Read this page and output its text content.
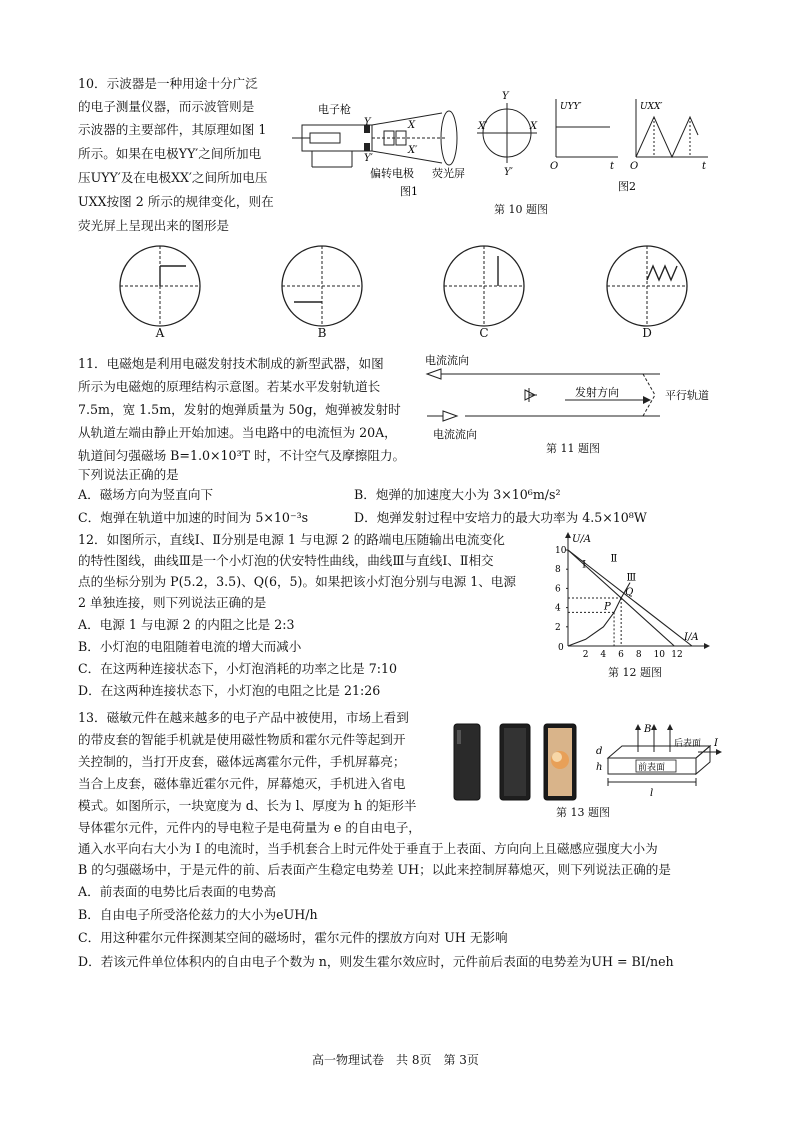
10．示波器是一种用途十分广泛
的电子测量仪器，而示波管则是
示波器的主要部件，其原理如图 1
所示。如果在电极YY′之间所加电
压UYY′及在电极XX′之间所加电压
UXX按图 2 所示的规律变化，则在
荧光屏上呈现出来的图形是
电子枪
Y
Y′
X
X′
偏转电极 荧光屏
图1
Y
Y′
X
X′
UYY′
O	t
UXX′
O	t
图2
第 10 题图
A	B	C	D
11．电磁炮是利用电磁发射技术制成的新型武器，如图
所示为电磁炮的原理结构示意图。若某水平发射轨道长
7.5m，宽 1.5m，发射的炮弹质量为 50g，炮弹被发射时
从轨道左端由静止开始加速。当电路中的电流恒为 20A，
轨道间匀强磁场 B=1.0×10³T 时，不计空气及摩擦阻力。
下列说法正确的是
电流流向
电流流向
发射方向	平行轨道
第 11 题图
A．磁场方向为竖直向下	B．炮弹的加速度大小为 3×10⁶m/s²
C．炮弹在轨道中加速的时间为 5×10⁻³s	D．炮弹发射过程中安培力的最大功率为 4.5×10⁸W
12．如图所示，直线Ⅰ、Ⅱ分别是电源 1 与电源 2 的路端电压随输出电流变化
的特性图线，曲线Ⅲ是一个小灯泡的伏安特性曲线，曲线Ⅲ与直线Ⅰ、Ⅱ相交
点的坐标分别为 P(5.2，3.5)、Q(6，5)。如果把该小灯泡分别与电源 1、电源
2 单独连接，则下列说法正确的是
A．电源 1 与电源 2 的内阻之比是 2:3
B．小灯泡的电阻随着电流的增大而减小
C．在这两种连接状态下，小灯泡消耗的功率之比是 7:10
D．在这两种连接状态下，小灯泡的电阻之比是 21:26
I/A
U/A
0
2 4 6 8 10 12
2
4
6
8
10
Ⅰ
Ⅱ
Ⅲ
P
Q
第 12 题图
13．磁敏元件在越来越多的电子产品中被使用，市场上看到
的带皮套的智能手机就是使用磁性物质和霍尔元件等起到开
关控制的，当打开皮套，磁体远离霍尔元件，手机屏幕亮；
当合上皮套，磁体靠近霍尔元件，屏幕熄灭，手机进入省电
模式。如图所示，一块宽度为 d、长为 l、厚度为 h 的矩形半
导体霍尔元件，元件内的导电粒子是电荷量为 e 的自由电子，
通入水平向右大小为 I 的电流时，当手机套合上时元件处于垂直于上表面、方向向上且磁感应强度大小为
B 的匀强磁场中，于是元件的前、后表面产生稳定电势差 UH；以此来控制屏幕熄灭，则下列说法正确的是
A．前表面的电势比后表面的电势高
B．自由电子所受洛伦兹力的大小为eUH/h
C．用这种霍尔元件探测某空间的磁场时，霍尔元件的摆放方向对 UH 无影响
D．若该元件单位体积内的自由电子个数为 n，则发生霍尔效应时，元件前后表面的电势差为UH = BI/neh
前表面
B
后表面 I
d
h
l
第 13 题图
高一物理试卷　共 8页　第 3页
